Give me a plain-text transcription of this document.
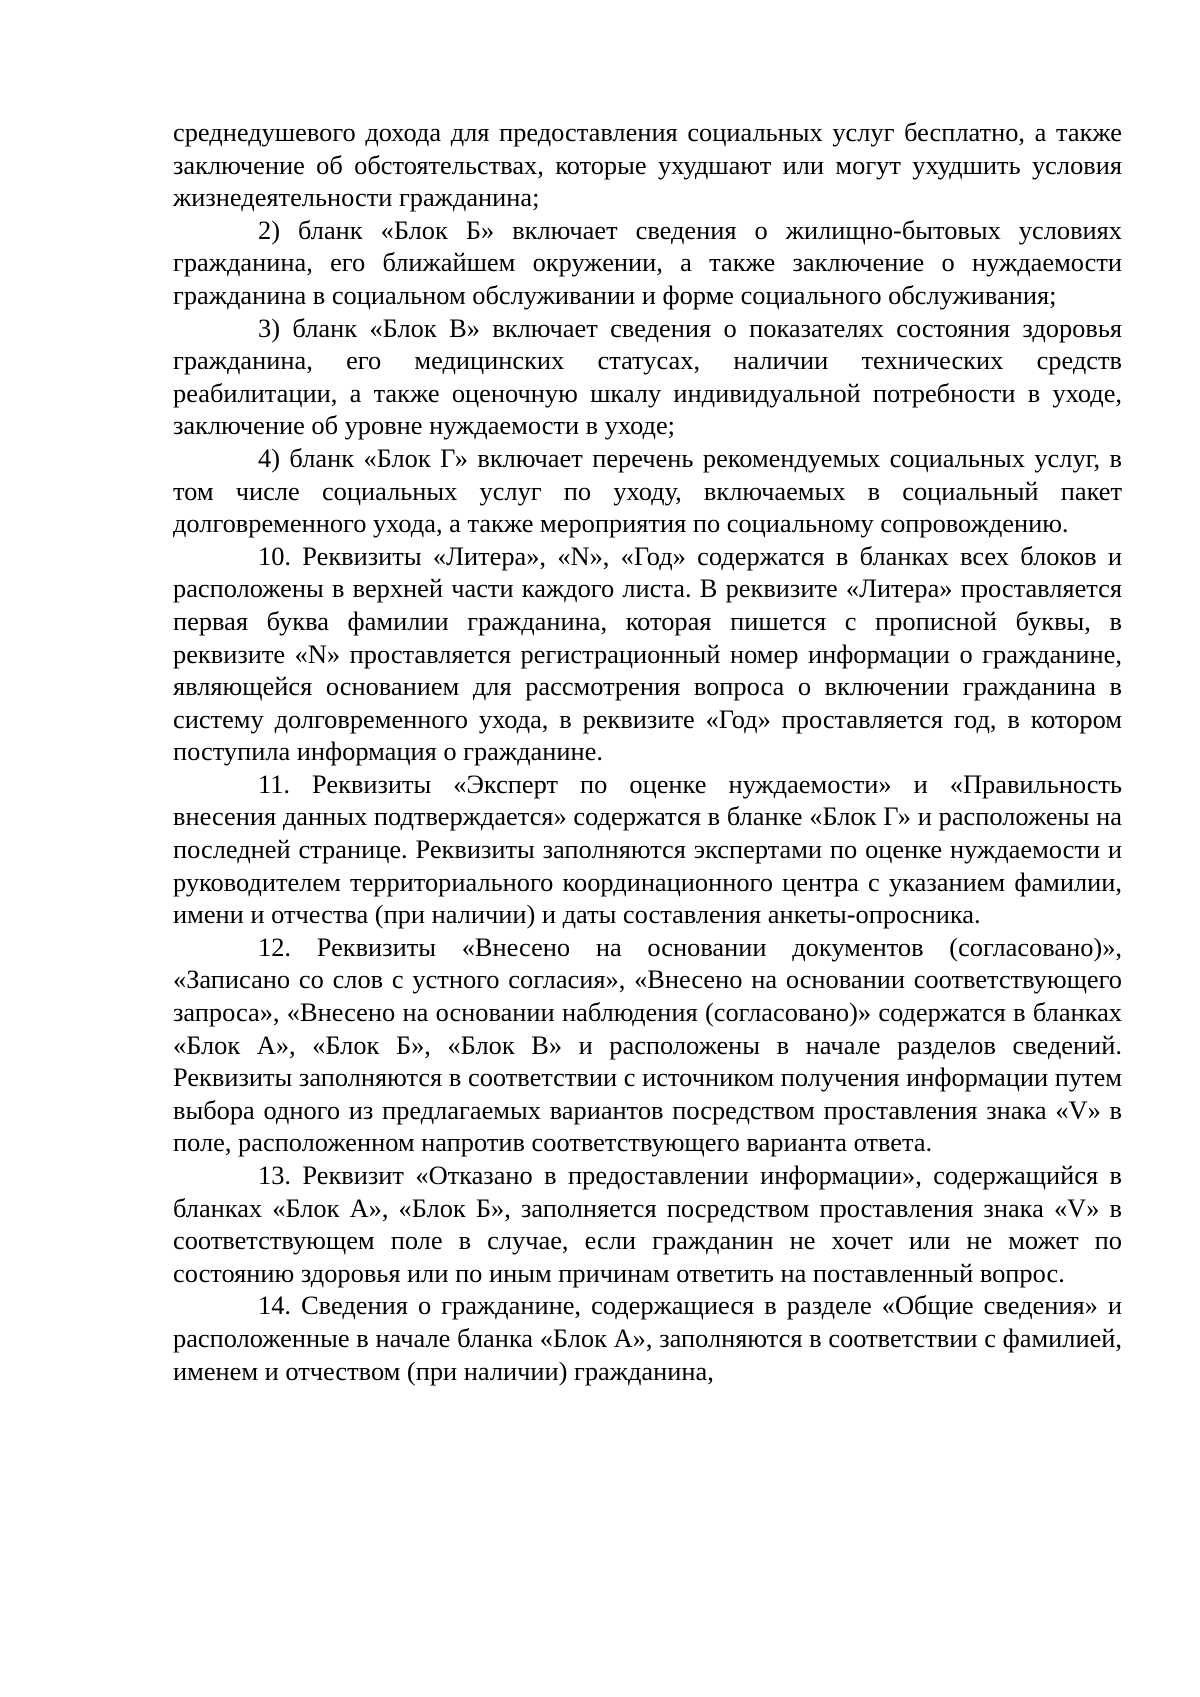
среднедушевого дохода для предоставления социальных услуг бесплатно, а также заключение об обстоятельствах, которые ухудшают или могут ухудшить условия жизнедеятельности гражданина;

2) бланк «Блок Б» включает сведения о жилищно-бытовых условиях гражданина, его ближайшем окружении, а также заключение о нуждаемости гражданина в социальном обслуживании и форме социального обслуживания;

3) бланк «Блок В» включает сведения о показателях состояния здоровья гражданина, его медицинских статусах, наличии технических средств реабилитации, а также оценочную шкалу индивидуальной потребности в уходе, заключение об уровне нуждаемости в уходе;

4) бланк «Блок Г» включает перечень рекомендуемых социальных услуг, в том числе социальных услуг по уходу, включаемых в социальный пакет долговременного ухода, а также мероприятия по социальному сопровождению.

10. Реквизиты «Литера», «N», «Год» содержатся в бланках всех блоков и расположены в верхней части каждого листа. В реквизите «Литера» проставляется первая буква фамилии гражданина, которая пишется с прописной буквы, в реквизите «N» проставляется регистрационный номер информации о гражданине, являющейся основанием для рассмотрения вопроса о включении гражданина в систему долговременного ухода, в реквизите «Год» проставляется год, в котором поступила информация о гражданине.

11. Реквизиты «Эксперт по оценке нуждаемости» и «Правильность внесения данных подтверждается» содержатся в бланке «Блок Г» и расположены на последней странице. Реквизиты заполняются экспертами по оценке нуждаемости и руководителем территориального координационного центра с указанием фамилии, имени и отчества (при наличии) и даты составления анкеты-опросника.

12. Реквизиты «Внесено на основании документов (согласовано)», «Записано со слов с устного согласия», «Внесено на основании соответствующего запроса», «Внесено на основании наблюдения (согласовано)» содержатся в бланках «Блок А», «Блок Б», «Блок В» и расположены в начале разделов сведений. Реквизиты заполняются в соответствии с источником получения информации путем выбора одного из предлагаемых вариантов посредством проставления знака «V» в поле, расположенном напротив соответствующего варианта ответа.

13. Реквизит «Отказано в предоставлении информации», содержащийся в бланках «Блок А», «Блок Б», заполняется посредством проставления знака «V» в соответствующем поле в случае, если гражданин не хочет или не может по состоянию здоровья или по иным причинам ответить на поставленный вопрос.

14. Сведения о гражданине, содержащиеся в разделе «Общие сведения» и расположенные в начале бланка «Блок А», заполняются в соответствии с фамилией, именем и отчеством (при наличии) гражданина,
